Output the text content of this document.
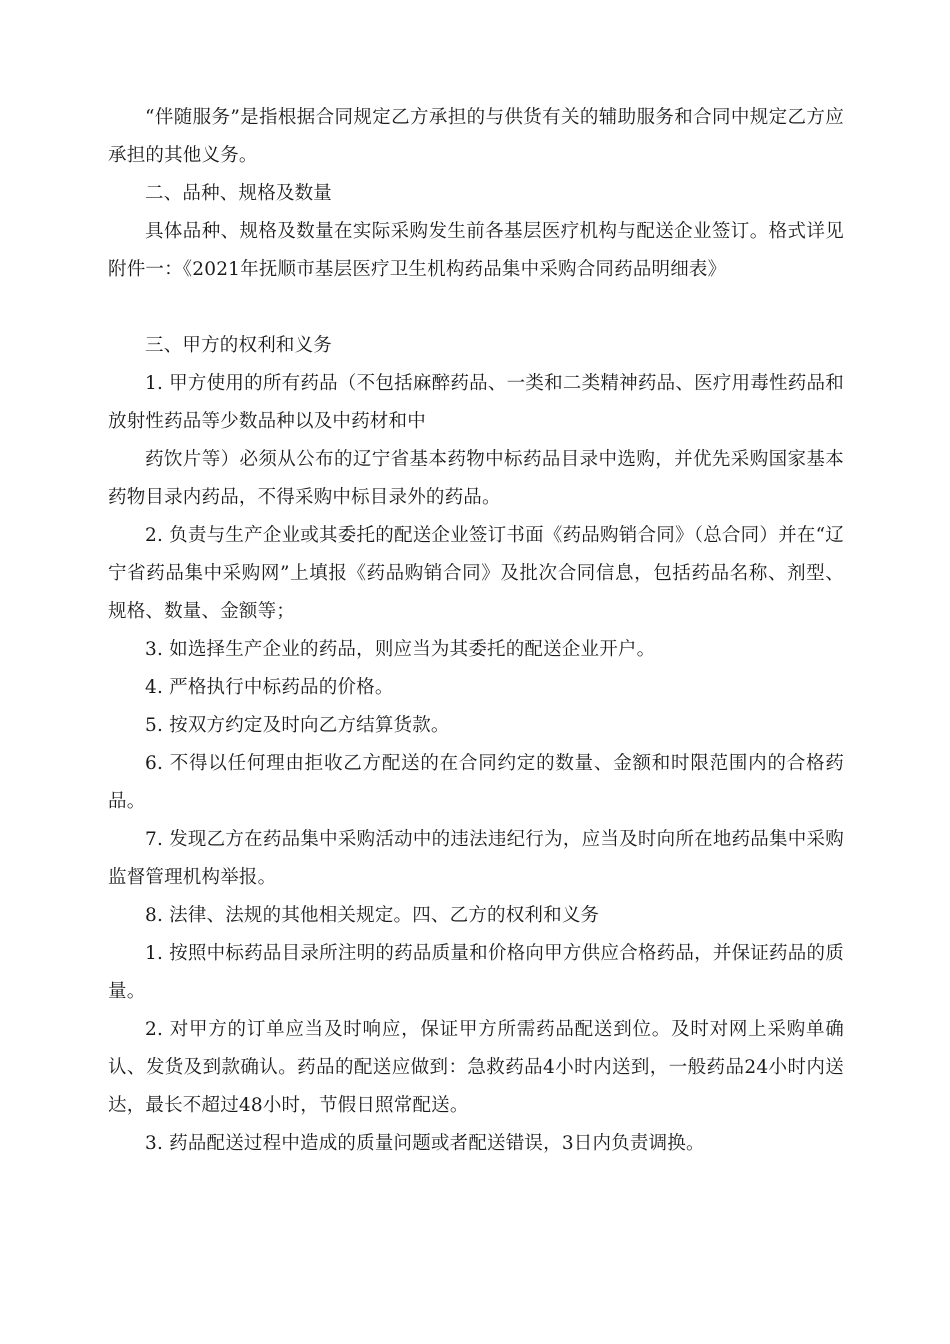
“伴随服务”是指根据合同规定乙方承担的与供货有关的辅助服务和合同中规定乙方应承担的其他义务。

二、品种、规格及数量

具体品种、规格及数量在实际采购发生前各基层医疗机构与配送企业签订。格式详见附件一：《2021年抚顺市基层医疗卫生机构药品集中采购合同药品明细表》

三、甲方的权利和义务

1. 甲方使用的所有药品（不包括麻醉药品、一类和二类精神药品、医疗用毒性药品和放射性药品等少数品种以及中药材和中

药饮片等）必须从公布的辽宁省基本药物中标药品目录中选购，并优先采购国家基本药物目录内药品，不得采购中标目录外的药品。

2. 负责与生产企业或其委托的配送企业签订书面《药品购销合同》（总合同）并在“辽宁省药品集中采购网”上填报《药品购销合同》及批次合同信息，包括药品名称、剂型、规格、数量、金额等；

3. 如选择生产企业的药品，则应当为其委托的配送企业开户。

4. 严格执行中标药品的价格。

5. 按双方约定及时向乙方结算货款。

6. 不得以任何理由拒收乙方配送的在合同约定的数量、金额和时限范围内的合格药品。

7. 发现乙方在药品集中采购活动中的违法违纪行为，应当及时向所在地药品集中采购监督管理机构举报。

8. 法律、法规的其他相关规定。四、乙方的权利和义务

1. 按照中标药品目录所注明的药品质量和价格向甲方供应合格药品，并保证药品的质量。

2. 对甲方的订单应当及时响应，保证甲方所需药品配送到位。及时对网上采购单确认、发货及到款确认。药品的配送应做到：急救药品4小时内送到，一般药品24小时内送达，最长不超过48小时，节假日照常配送。

3. 药品配送过程中造成的质量问题或者配送错误，3日内负责调换。
